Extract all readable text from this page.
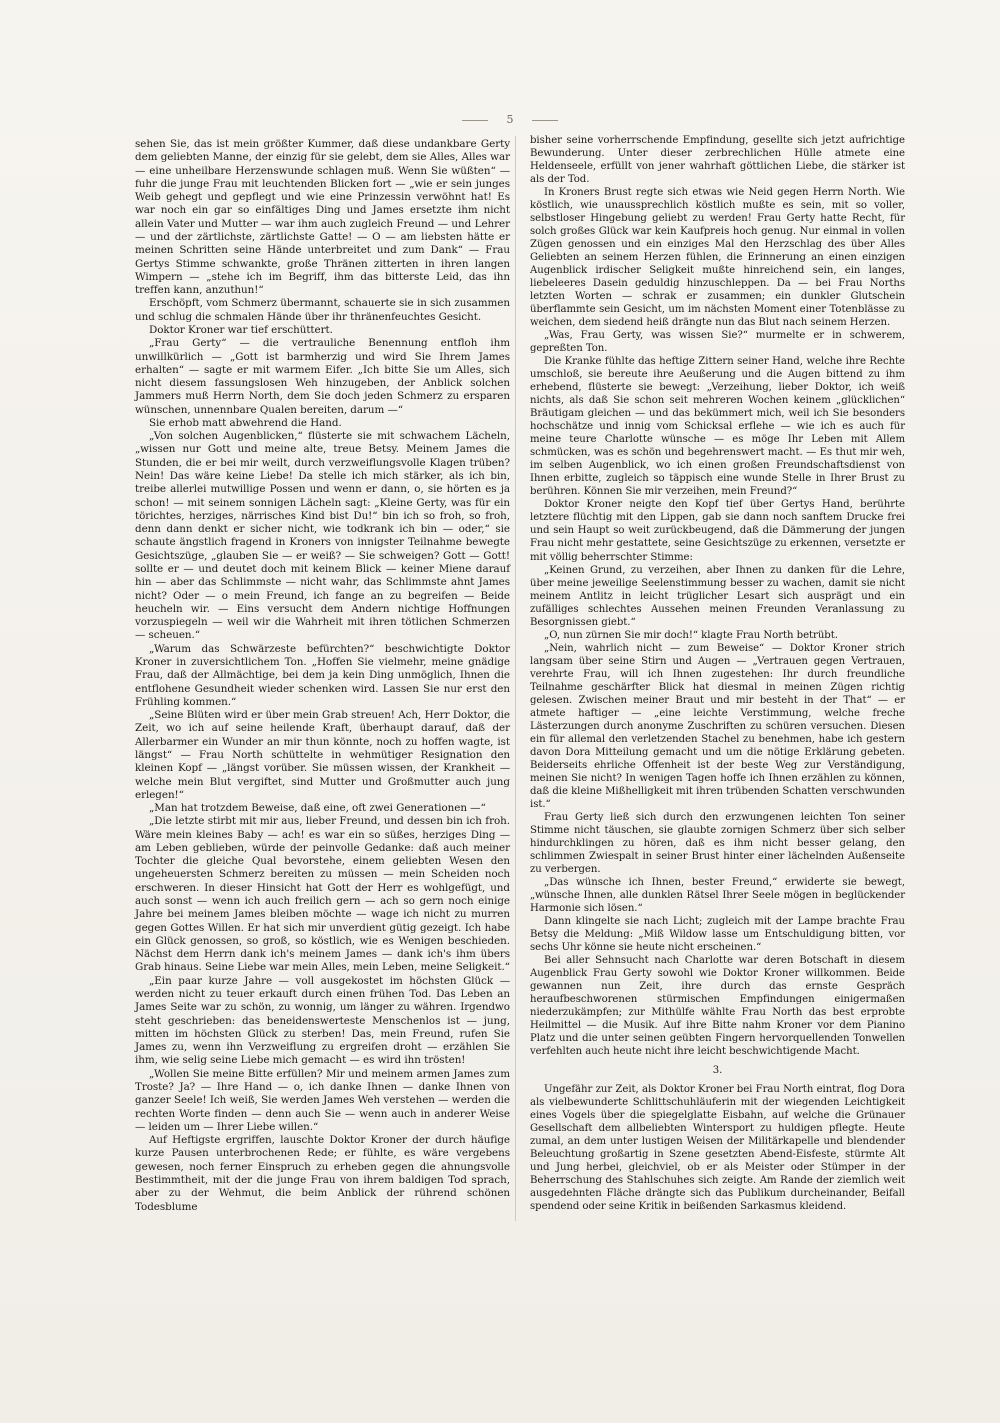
5

sehen Sie, das ist mein größter Kummer, daß diese undankbare Gerty dem geliebten Manne, der einzig für sie gelebt, dem sie Alles, Alles war — eine unheilbare Herzenswunde schlagen muß. Wenn Sie wüßten“ — fuhr die junge Frau mit leuchtenden Blicken fort — „wie er sein junges Weib gehegt und gepflegt und wie eine Prinzessin verwöhnt hat! Es war noch ein gar so einfältiges Ding und James ersetzte ihm nicht allein Vater und Mutter — war ihm auch zugleich Freund — und Lehrer — und der zärtlichste, zärtlichste Gatte! — O — am liebsten hätte er meinen Schritten seine Hände unterbreitet und zum Dank“ — Frau Gertys Stimme schwankte, große Thränen zitterten in ihren langen Wimpern — „stehe ich im Begriff, ihm das bitterste Leid, das ihn treffen kann, anzuthun!“

Erschöpft, vom Schmerz übermannt, schauerte sie in sich zusammen und schlug die schmalen Hände über ihr thränenfeuchtes Gesicht.

Doktor Kroner war tief erschüttert.

„Frau Gerty“ — die vertrauliche Benennung entfloh ihm unwillkürlich — „Gott ist barmherzig und wird Sie Ihrem James erhalten“ — sagte er mit warmem Eifer. „Ich bitte Sie um Alles, sich nicht diesem fassungslosen Weh hinzugeben, der Anblick solchen Jammers muß Herrn North, dem Sie doch jeden Schmerz zu ersparen wünschen, unnennbare Qualen bereiten, darum —“

Sie erhob matt abwehrend die Hand.

„Von solchen Augenblicken,“ flüsterte sie mit schwachem Lächeln, „wissen nur Gott und meine alte, treue Betsy. Meinem James die Stunden, die er bei mir weilt, durch verzweiflungsvolle Klagen trüben? Nein! Das wäre keine Liebe! Da stelle ich mich stärker, als ich bin, treibe allerlei mutwillige Possen und wenn er dann, o, sie hörten es ja schon! — mit seinem sonnigen Lächeln sagt: „Kleine Gerty, was für ein törichtes, herziges, närrisches Kind bist Du!“ bin ich so froh, so froh, denn dann denkt er sicher nicht, wie todkrank ich bin — oder,“ sie schaute ängstlich fragend in Kroners von innigster Teilnahme bewegte Gesichtszüge, „glauben Sie — er weiß? — Sie schweigen? Gott — Gott! sollte er — und deutet doch mit keinem Blick — keiner Miene darauf hin — aber das Schlimmste — nicht wahr, das Schlimmste ahnt James nicht? Oder — o mein Freund, ich fange an zu begreifen — Beide heucheln wir. — Eins versucht dem Andern nichtige Hoffnungen vorzuspiegeln — weil wir die Wahrheit mit ihren tötlichen Schmerzen — scheuen.“

„Warum das Schwärzeste befürchten?“ beschwichtigte Doktor Kroner in zuversichtlichem Ton. „Hoffen Sie vielmehr, meine gnädige Frau, daß der Allmächtige, bei dem ja kein Ding unmöglich, Ihnen die entflohene Gesundheit wieder schenken wird. Lassen Sie nur erst den Frühling kommen.“

„Seine Blüten wird er über mein Grab streuen! Ach, Herr Doktor, die Zeit, wo ich auf seine heilende Kraft, überhaupt darauf, daß der Allerbarmer ein Wunder an mir thun könnte, noch zu hoffen wagte, ist längst“ — Frau North schüttelte in wehmütiger Resignation den kleinen Kopf — „längst vorüber. Sie müssen wissen, der Krankheit — welche mein Blut vergiftet, sind Mutter und Großmutter auch jung erlegen!“

„Man hat trotzdem Beweise, daß eine, oft zwei Generationen —“

„Die letzte stirbt mit mir aus, lieber Freund, und dessen bin ich froh. Wäre mein kleines Baby — ach! es war ein so süßes, herziges Ding — am Leben geblieben, würde der peinvolle Gedanke: daß auch meiner Tochter die gleiche Qual bevorstehe, einem geliebten Wesen den ungeheuersten Schmerz bereiten zu müssen — mein Scheiden noch erschweren. In dieser Hinsicht hat Gott der Herr es wohlgefügt, und auch sonst — wenn ich auch freilich gern — ach so gern noch einige Jahre bei meinem James bleiben möchte — wage ich nicht zu murren gegen Gottes Willen. Er hat sich mir unverdient gütig gezeigt. Ich habe ein Glück genossen, so groß, so köstlich, wie es Wenigen beschieden. Nächst dem Herrn dank ich's meinem James — dank ich's ihm übers Grab hinaus. Seine Liebe war mein Alles, mein Leben, meine Seligkeit.“

„Ein paar kurze Jahre — voll ausgekostet im höchsten Glück — werden nicht zu teuer erkauft durch einen frühen Tod. Das Leben an James Seite war zu schön, zu wonnig, um länger zu währen. Irgendwo steht geschrieben: das beneidenswerteste Menschenlos ist — jung, mitten im höchsten Glück zu sterben! Das, mein Freund, rufen Sie James zu, wenn ihn Verzweiflung zu ergreifen droht — erzählen Sie ihm, wie selig seine Liebe mich gemacht — es wird ihn trösten!

„Wollen Sie meine Bitte erfüllen? Mir und meinem armen James zum Troste? Ja? — Ihre Hand — o, ich danke Ihnen — danke Ihnen von ganzer Seele! Ich weiß, Sie werden James Weh verstehen — werden die rechten Worte finden — denn auch Sie — wenn auch in anderer Weise — leiden um — Ihrer Liebe willen.“

Auf Heftigste ergriffen, lauschte Doktor Kroner der durch häufige kurze Pausen unterbrochenen Rede; er fühlte, es wäre vergebens gewesen, noch ferner Einspruch zu erheben gegen die ahnungsvolle Bestimmtheit, mit der die junge Frau von ihrem baldigen Tod sprach, aber zu der Wehmut, die beim Anblick der rührend schönen Todesblume

bisher seine vorherrschende Empfindung, gesellte sich jetzt aufrichtige Bewunderung. Unter dieser zerbrechlichen Hülle atmete eine Heldenseele, erfüllt von jener wahrhaft göttlichen Liebe, die stärker ist als der Tod.

In Kroners Brust regte sich etwas wie Neid gegen Herrn North. Wie köstlich, wie unaussprechlich köstlich mußte es sein, mit so voller, selbstloser Hingebung geliebt zu werden! Frau Gerty hatte Recht, für solch großes Glück war kein Kaufpreis hoch genug. Nur einmal in vollen Zügen genossen und ein einziges Mal den Herzschlag des über Alles Geliebten an seinem Herzen fühlen, die Erinnerung an einen einzigen Augenblick irdischer Seligkeit mußte hinreichend sein, ein langes, liebeleeres Dasein geduldig hinzuschleppen. Da — bei Frau Norths letzten Worten — schrak er zusammen; ein dunkler Glutschein überflammte sein Gesicht, um im nächsten Moment einer Totenblässe zu weichen, dem siedend heiß drängte nun das Blut nach seinem Herzen.

„Was, Frau Gerty, was wissen Sie?“ murmelte er in schwerem, gepreßten Ton.

Die Kranke fühlte das heftige Zittern seiner Hand, welche ihre Rechte umschloß, sie bereute ihre Aeußerung und die Augen bittend zu ihm erhebend, flüsterte sie bewegt: „Verzeihung, lieber Doktor, ich weiß nichts, als daß Sie schon seit mehreren Wochen keinem „glücklichen“ Bräutigam gleichen — und das bekümmert mich, weil ich Sie besonders hochschätze und innig vom Schicksal erflehe — wie ich es auch für meine teure Charlotte wünsche — es möge Ihr Leben mit Allem schmücken, was es schön und begehrenswert macht. — Es thut mir weh, im selben Augenblick, wo ich einen großen Freundschaftsdienst von Ihnen erbitte, zugleich so täppisch eine wunde Stelle in Ihrer Brust zu berühren. Können Sie mir verzeihen, mein Freund?“

Doktor Kroner neigte den Kopf tief über Gertys Hand, berührte letztere flüchtig mit den Lippen, gab sie dann noch sanftem Drucke frei und sein Haupt so weit zurückbeugend, daß die Dämmerung der jungen Frau nicht mehr gestattete, seine Gesichtszüge zu erkennen, versetzte er mit völlig beherrschter Stimme:

„Keinen Grund, zu verzeihen, aber Ihnen zu danken für die Lehre, über meine jeweilige Seelenstimmung besser zu wachen, damit sie nicht meinem Antlitz in leicht trüglicher Lesart sich ausprägt und ein zufälliges schlechtes Aussehen meinen Freunden Veranlassung zu Besorgnissen giebt.“

„O, nun zürnen Sie mir doch!“ klagte Frau North betrübt.

„Nein, wahrlich nicht — zum Beweise“ — Doktor Kroner strich langsam über seine Stirn und Augen — „Vertrauen gegen Vertrauen, verehrte Frau, will ich Ihnen zugestehen: Ihr durch freundliche Teilnahme geschärfter Blick hat diesmal in meinen Zügen richtig gelesen. Zwischen meiner Braut und mir besteht in der That“ — er atmete haftiger — „eine leichte Verstimmung, welche freche Lästerzungen durch anonyme Zuschriften zu schüren versuchen. Diesen ein für allemal den verletzenden Stachel zu benehmen, habe ich gestern davon Dora Mitteilung gemacht und um die nötige Erklärung gebeten. Beiderseits ehrliche Offenheit ist der beste Weg zur Verständigung, meinen Sie nicht? In wenigen Tagen hoffe ich Ihnen erzählen zu können, daß die kleine Mißhelligkeit mit ihren trübenden Schatten verschwunden ist.“

Frau Gerty ließ sich durch den erzwungenen leichten Ton seiner Stimme nicht täuschen, sie glaubte zornigen Schmerz über sich selber hindurchklingen zu hören, daß es ihm nicht besser gelang, den schlimmen Zwiespalt in seiner Brust hinter einer lächelnden Außenseite zu verbergen.

„Das wünsche ich Ihnen, bester Freund,“ erwiderte sie bewegt, „wünsche Ihnen, alle dunklen Rätsel Ihrer Seele mögen in beglückender Harmonie sich lösen.“

Dann klingelte sie nach Licht; zugleich mit der Lampe brachte Frau Betsy die Meldung: „Miß Wildow lasse um Entschuldigung bitten, vor sechs Uhr könne sie heute nicht erscheinen.“

Bei aller Sehnsucht nach Charlotte war deren Botschaft in diesem Augenblick Frau Gerty sowohl wie Doktor Kroner willkommen. Beide gewannen nun Zeit, ihre durch das ernste Gespräch heraufbeschworenen stürmischen Empfindungen einigermaßen niederzukämpfen; zur Mithülfe wählte Frau North das best erprobte Heilmittel — die Musik. Auf ihre Bitte nahm Kroner vor dem Pianino Platz und die unter seinen geübten Fingern hervorquellenden Tonwellen verfehlten auch heute nicht ihre leicht beschwichtigende Macht.

3.

Ungefähr zur Zeit, als Doktor Kroner bei Frau North eintrat, flog Dora als vielbewunderte Schlittschuhläuferin mit der wiegenden Leichtigkeit eines Vogels über die spiegelglatte Eisbahn, auf welche die Grünauer Gesellschaft dem allbeliebten Wintersport zu huldigen pflegte. Heute zumal, an dem unter lustigen Weisen der Militärkapelle und blendender Beleuchtung großartig in Szene gesetzten Abend-Eisfeste, stürmte Alt und Jung herbei, gleichviel, ob er als Meister oder Stümper in der Beherrschung des Stahlschuhes sich zeigte. Am Rande der ziemlich weit ausgedehnten Fläche drängte sich das Publikum durcheinander, Beifall spendend oder seine Kritik in beißenden Sarkasmus kleidend.
